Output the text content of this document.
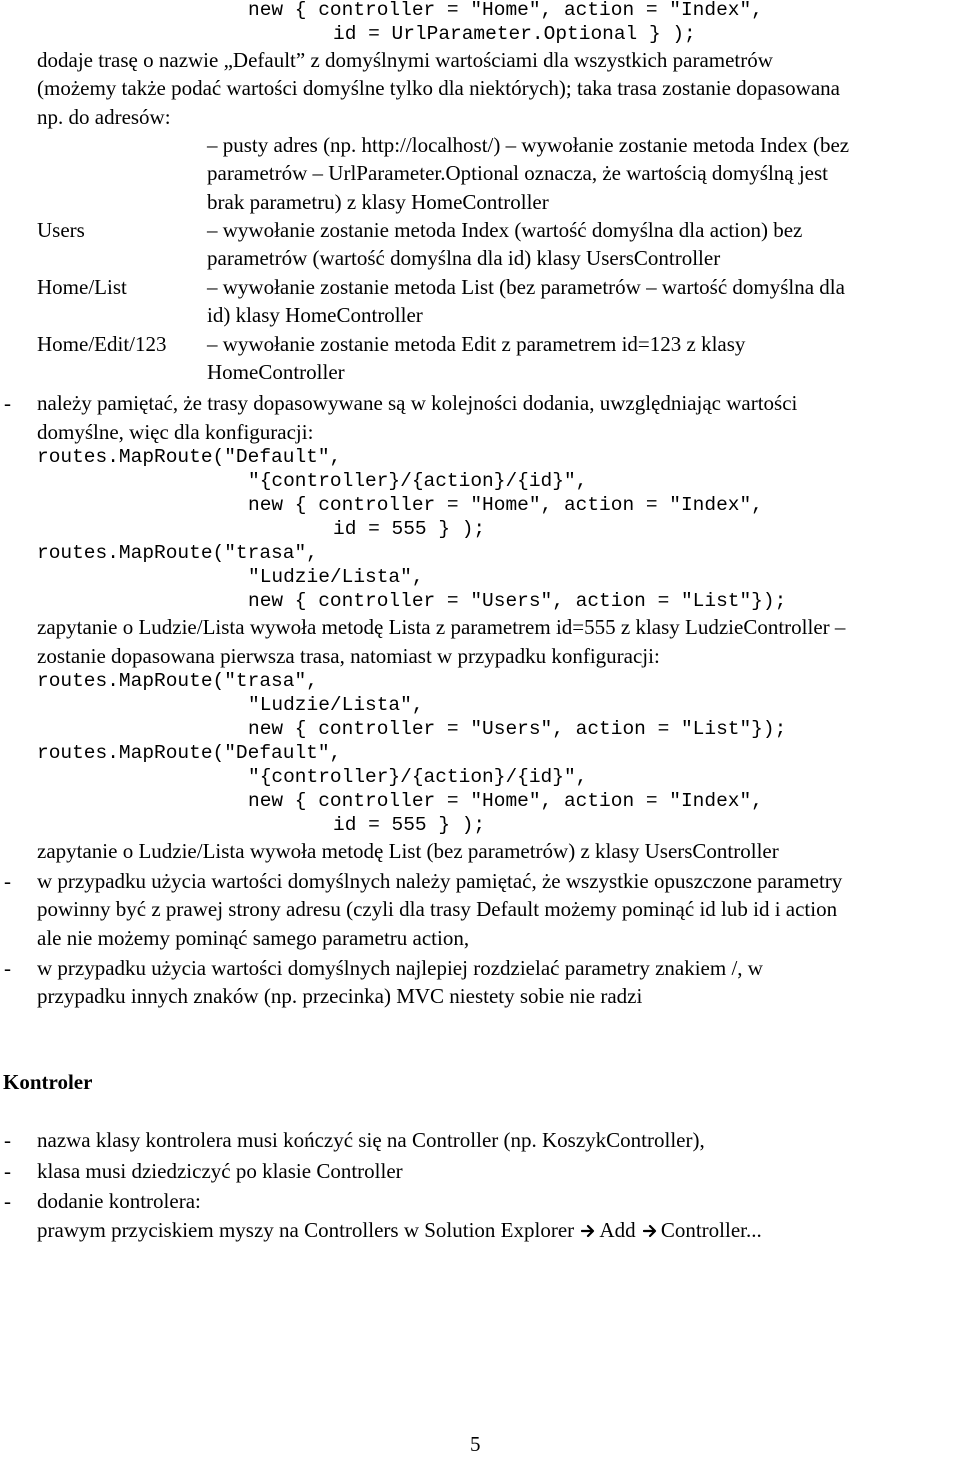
new { controller = "Home", action = "Index",
id = UrlParameter.Optional } );
dodaje trasę o nazwie „Default” z domyślnymi wartościami dla wszystkich parametrów
(możemy także podać wartości domyślne tylko dla niektórych); taka trasa zostanie dopasowana
np. do adresów:
– pusty adres (np. http://localhost/) – wywołanie zostanie metoda Index (bez
parametrów – UrlParameter.Optional oznacza, że wartością domyślną jest
brak parametru) z klasy HomeController
Users	– wywołanie zostanie metoda Index (wartość domyślna dla action) bez
parametrów (wartość domyślna dla id) klasy UsersController
Home/List	– wywołanie zostanie metoda List (bez parametrów – wartość domyślna dla
id) klasy HomeController
Home/Edit/123 – wywołanie zostanie metoda Edit z parametrem id=123 z klasy
HomeController
- należy pamiętać, że trasy dopasowywane są w kolejności dodania, uwzględniając wartości
domyślne, więc dla konfiguracji:
routes.MapRoute("Default",
"{controller}/{action}/{id}",
new { controller = "Home", action = "Index",
id = 555 } );
routes.MapRoute("trasa",
"Ludzie/Lista",
new { controller = "Users", action = "List"});
zapytanie o Ludzie/Lista wywoła metodę Lista z parametrem id=555 z klasy LudzieController –
zostanie dopasowana pierwsza trasa, natomiast w przypadku konfiguracji:
routes.MapRoute("trasa",
"Ludzie/Lista",
new { controller = "Users", action = "List"});
routes.MapRoute("Default",
"{controller}/{action}/{id}",
new { controller = "Home", action = "Index",
id = 555 } );
zapytanie o Ludzie/Lista wywoła metodę List (bez parametrów) z klasy UsersController
- w przypadku użycia wartości domyślnych należy pamiętać, że wszystkie opuszczone parametry
powinny być z prawej strony adresu (czyli dla trasy Default możemy pominąć id lub id i action
ale nie możemy pominąć samego parametru action,
- w przypadku użycia wartości domyślnych najlepiej rozdzielać parametry znakiem /, w
przypadku innych znaków (np. przecinka) MVC niestety sobie nie radzi
Kontroler
- nazwa klasy kontrolera musi kończyć się na Controller (np. KoszykController),
- klasa musi dziedziczyć po klasie Controller
- dodanie kontrolera:
prawym przyciskiem myszy na Controllers w Solution Explorer Add Controller...
5
